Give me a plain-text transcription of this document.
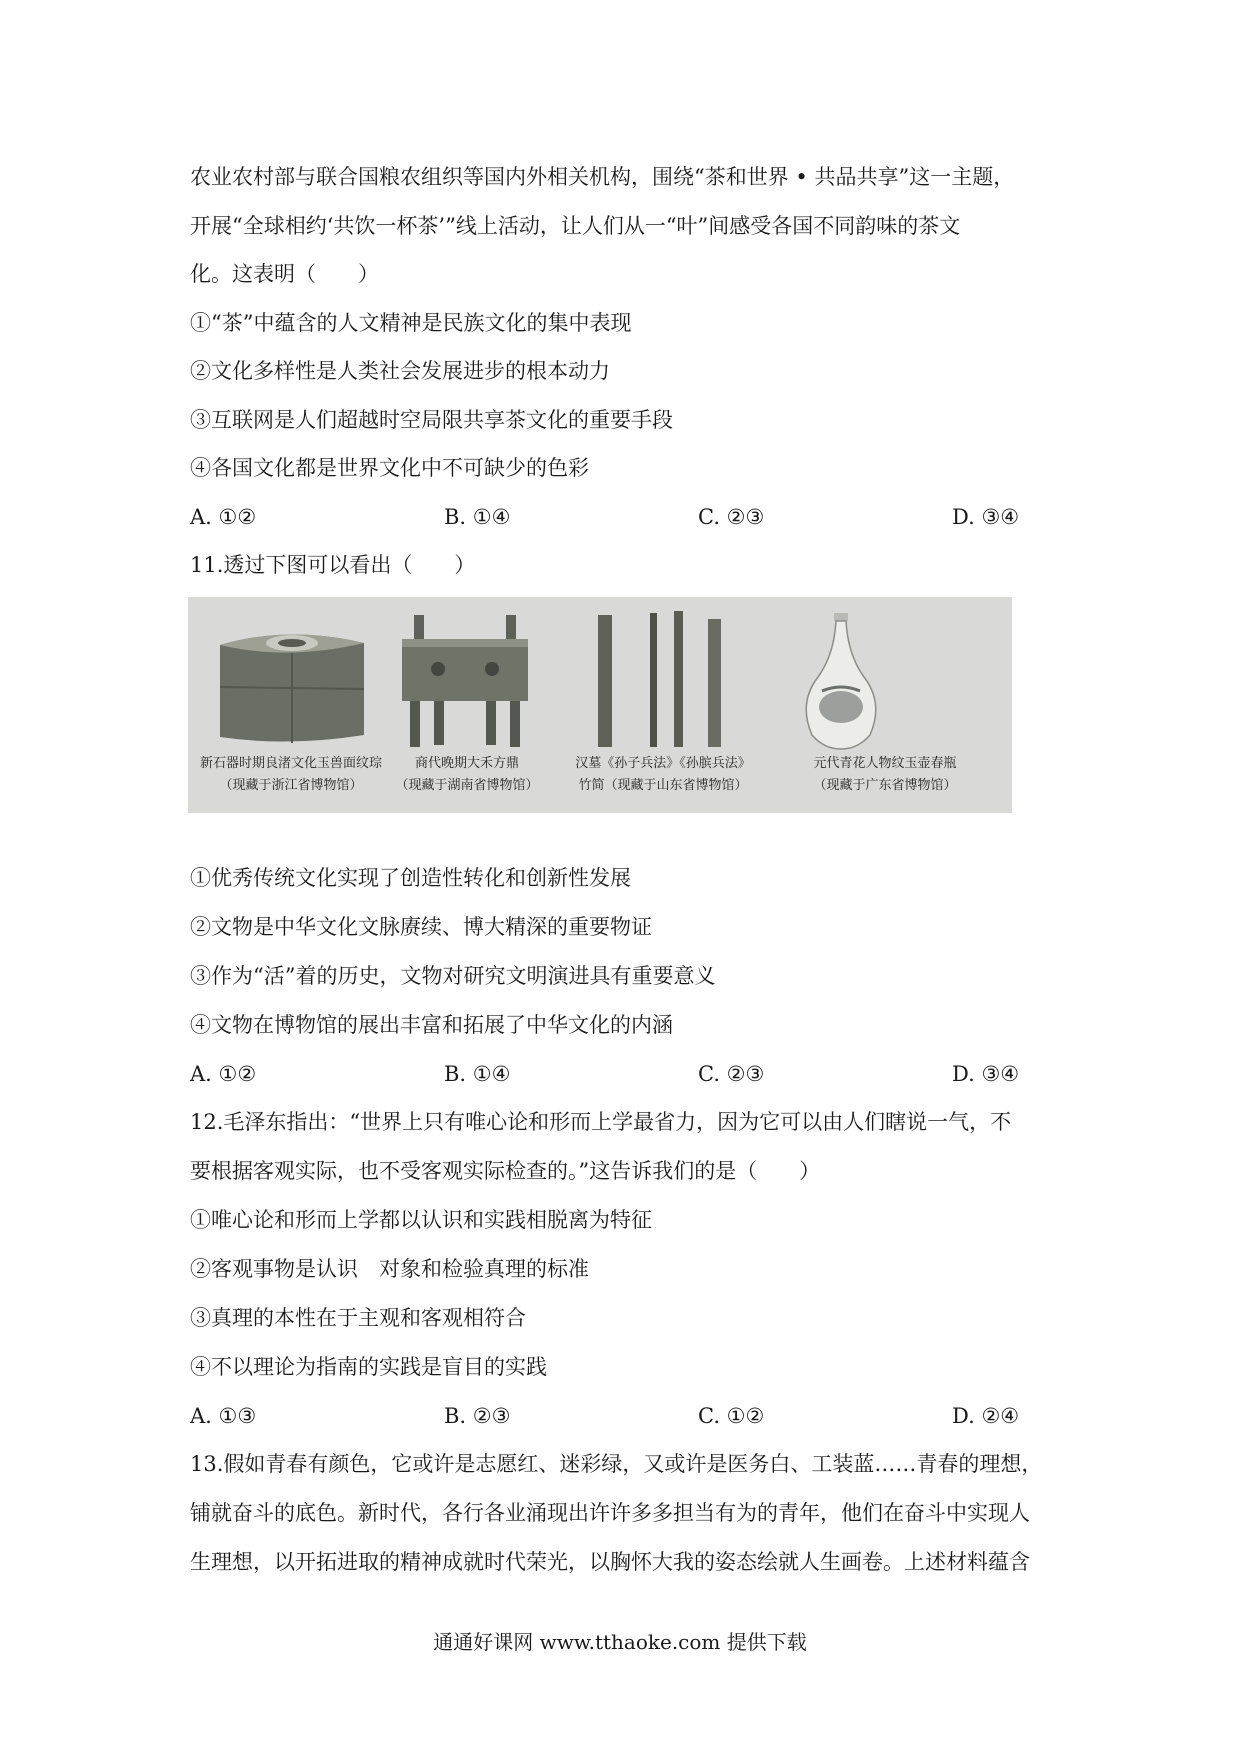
农业农村部与联合国粮农组织等国内外相关机构，围绕“茶和世界 • 共品共享”这一主题，
开展“全球相约‘共饮一杯茶’”线上活动，让人们从一“叶”间感受各国不同韵味的茶文
化。这表明（　　）
①“茶”中蕴含的人文精神是民族文化的集中表现
②文化多样性是人类社会发展进步的根本动力
③互联网是人们超越时空局限共享茶文化的重要手段
④各国文化都是世界文化中不可缺少的色彩
A. ①②	B. ①④	C. ②③	D. ③④
11.透过下图可以看出（　　）
新石器时期良渚文化玉兽面纹琮
（现藏于浙江省博物馆）
商代晚期大禾方鼎
（现藏于湖南省博物馆）
汉墓《孙子兵法》《孙膑兵法》
竹简（现藏于山东省博物馆）
元代青花人物纹玉壶春瓶
（现藏于广东省博物馆）
①优秀传统文化实现了创造性转化和创新性发展
②文物是中华文化文脉赓续、博大精深的重要物证
③作为“活”着的历史，文物对研究文明演进具有重要意义
④文物在博物馆的展出丰富和拓展了中华文化的内涵
A. ①②	B. ①④	C. ②③	D. ③④
12.毛泽东指出：“世界上只有唯心论和形而上学最省力，因为它可以由人们瞎说一气，不
要根据客观实际，也不受客观实际检查的。”这告诉我们的是（　　）
①唯心论和形而上学都以认识和实践相脱离为特征
②客观事物是认识　对象和检验真理的标准
③真理的本性在于主观和客观相符合
④不以理论为指南的实践是盲目的实践
A. ①③	B. ②③	C. ①②	D. ②④
13.假如青春有颜色，它或许是志愿红、迷彩绿，又或许是医务白、工装蓝……青春的理想，
铺就奋斗的底色。新时代，各行各业涌现出许许多多担当有为的青年，他们在奋斗中实现人
生理想，以开拓进取的精神成就时代荣光，以胸怀大我的姿态绘就人生画卷。上述材料蕴含
通通好课网 www.tthaoke.com 提供下载
